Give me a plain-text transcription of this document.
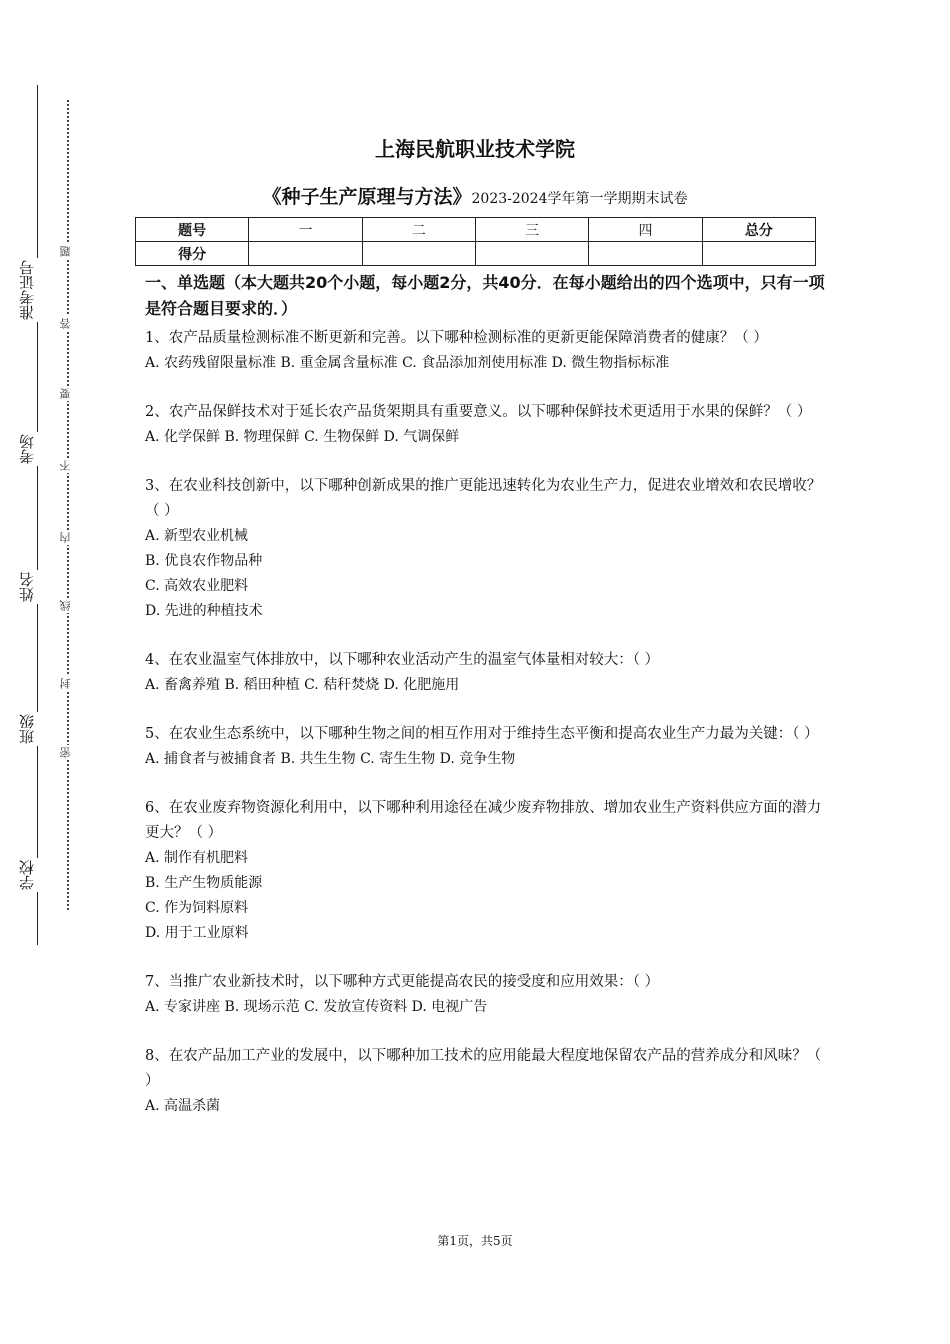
学校
班级
姓名
考场
准考证号
密
封
线
内
不
要
答
题
上海民航职业技术学院
《种子生产原理与方法》2023-2024学年第一学期期末试卷
题号	一	二	三	四	总分
得分					

一、单选题（本大题共20个小题，每小题2分，共40分．在每小题给出的四个选项中，只有一项是符合题目要求的．）

1、农产品质量检测标准不断更新和完善。以下哪种检测标准的更新更能保障消费者的健康？（ ）

A. 农药残留限量标准 B. 重金属含量标准 C. 食品添加剂使用标准 D. 微生物指标标准

2、农产品保鲜技术对于延长农产品货架期具有重要意义。以下哪种保鲜技术更适用于水果的保鲜？（ ）

A. 化学保鲜 B. 物理保鲜 C. 生物保鲜 D. 气调保鲜

3、在农业科技创新中，以下哪种创新成果的推广更能迅速转化为农业生产力，促进农业增效和农民增收？（ ）

A. 新型农业机械

B. 优良农作物品种

C. 高效农业肥料

D. 先进的种植技术

4、在农业温室气体排放中，以下哪种农业活动产生的温室气体量相对较大：（ ）

A. 畜禽养殖 B. 稻田种植 C. 秸秆焚烧 D. 化肥施用

5、在农业生态系统中，以下哪种生物之间的相互作用对于维持生态平衡和提高农业生产力最为关键：（ ）

A. 捕食者与被捕食者 B. 共生生物 C. 寄生生物 D. 竞争生物

6、在农业废弃物资源化利用中，以下哪种利用途径在减少废弃物排放、增加农业生产资料供应方面的潜力更大？（ ）

A. 制作有机肥料

B. 生产生物质能源

C. 作为饲料原料

D. 用于工业原料

7、当推广农业新技术时，以下哪种方式更能提高农民的接受度和应用效果：（ ）

A. 专家讲座 B. 现场示范 C. 发放宣传资料 D. 电视广告

8、在农产品加工产业的发展中，以下哪种加工技术的应用能最大程度地保留农产品的营养成分和风味？（ ）

A. 高温杀菌

第1页，共5页
